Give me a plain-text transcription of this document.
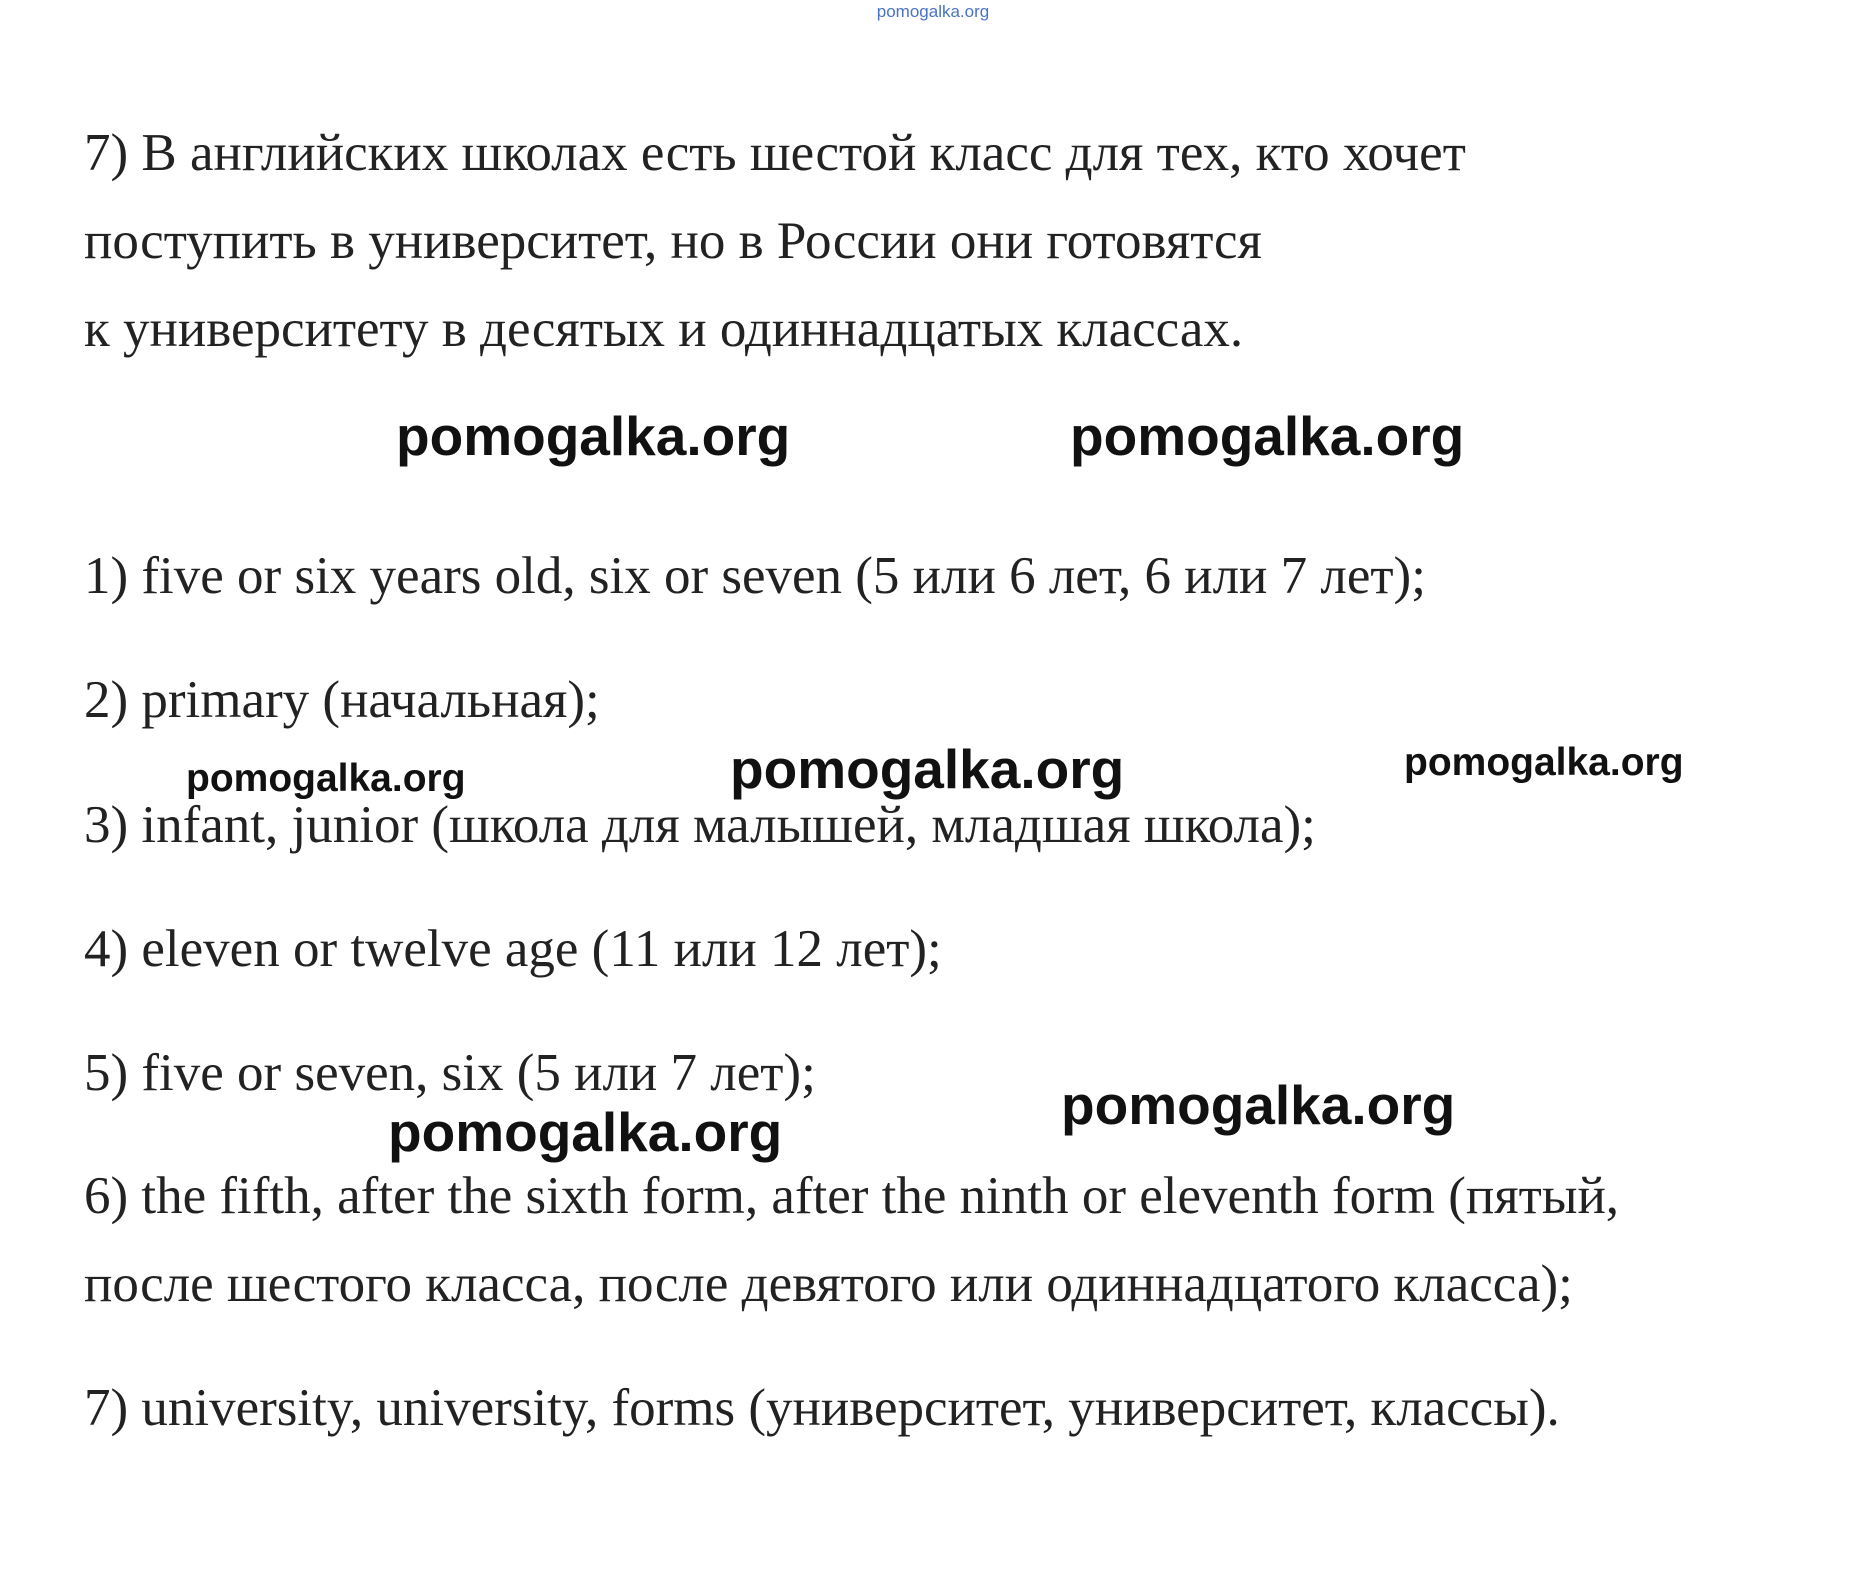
pomogalka.org
7) В английских школах есть шестой класс для тех, кто хочет
поступить в университет, но в России они готовятся
к университету в десятых и одиннадцатых классах.
pomogalka.org	pomogalka.org
1) five or six years old, six or seven (5 или 6 лет, 6 или 7 лет);
2) primary (начальная);
pomogalka.org	pomogalka.org	pomogalka.org
3) infant, junior (школа для малышей, младшая школа);
4) eleven or twelve age (11 или 12 лет);
5) five or seven, six (5 или 7 лет);
pomogalka.org
pomogalka.org
6) the fifth, after the sixth form, after the ninth or eleventh form (пятый,
после шестого класса, после девятого или одиннадцатого класса);
7) university, university, forms (университет, университет, классы).
